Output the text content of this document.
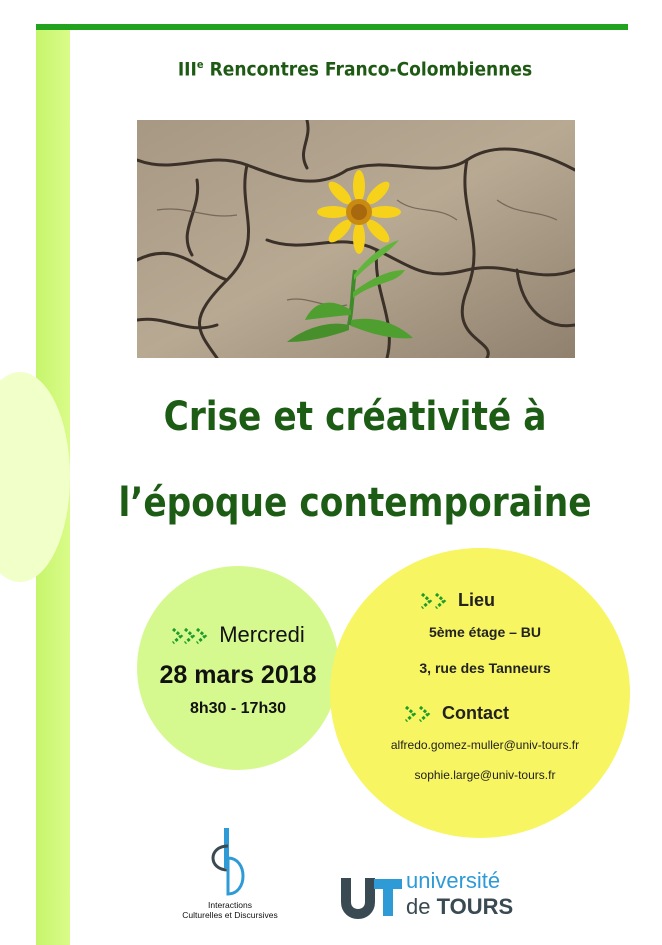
IIIe Rencontres Franco-Colombiennes
Crise et créativité à
l’époque contemporaine
Mercredi
28 mars 2018
8h30 - 17h30
Lieu
5ème étage – BU
3, rue des Tanneurs
Contact
alfredo.gomez-muller@univ-tours.fr
sophie.large@univ-tours.fr
Interactions
Culturelles et Discursives
université
de TOURS
